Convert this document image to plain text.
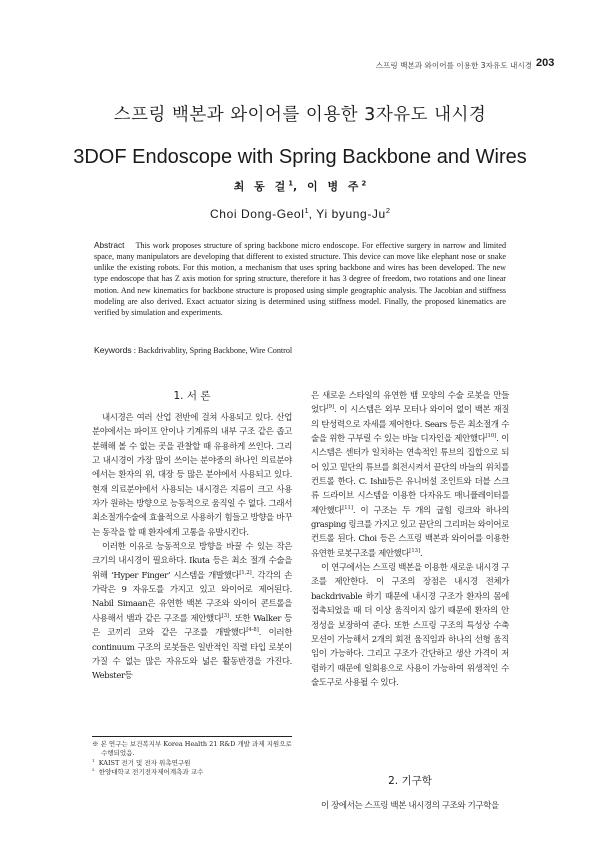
스프링 백본과 와이어를 이용한 3자유도 내시경 203
스프링 백본과 와이어를 이용한 3자유도 내시경
3DOF Endoscope with Spring Backbone and Wires
최 동 걸$^1$, 이 병 주$^2$
Choi Dong-Geol$^1$, Yi byung-Ju$^2$
Abstract This work proposes structure of spring backbone micro endoscope. For effective surgery in narrow and limited space, many manipulators are developing that different to existed structure. This device can move like elephant nose or snake unlike the existing robots. For this motion, a mechanism that uses spring backbone and wires has been developed. The new type endoscope that has Z axis motion for spring structure, therefore it has 3 degree of freedom, two rotations and one linear motion. And new kinematics for backbone structure is proposed using simple geographic analysis. The Jacobian and stiffness modeling are also derived. Exact actuator sizing is determined using stiffness model. Finally, the proposed kinematics are verified by simulation and experiments.
Keywords : Backdrivablity, Spring Backbone, Wire Control
1. 서 론

내시경은 여러 산업 전반에 걸쳐 사용되고 있다. 산업 분야에서는 파이프 안이나 기계류의 내부 구조 같은 좁고 분해해 볼 수 없는 곳을 관찰할 때 유용하게 쓰인다. 그리고 내시경이 가장 많이 쓰이는 분야중의 하나인 의료분야에서는 환자의 위, 대장 등 많은 분야에서 사용되고 있다. 현재 의료분야에서 사용되는 내시경은 지름이 크고 사용자가 원하는 방향으로 능동적으로 움직일 수 없다. 그래서 최소절개수술에 효율적으로 사용하기 힘들고 방향을 바꾸는 동작을 할 때 환자에게 고통을 유발시킨다.

이러한 이유로 능동적으로 방향을 바꿀 수 있는 작은 크기의 내시경이 필요하다. Ikuta 등은 최소 절개 수술을 위해 ‘Hyper Finger’ 시스템을 개발했다[1,2]. 각각의 손가락은 9 자유도를 가지고 있고 와이어로 제어된다. Nabil Simaan은 유연한 백본 구조와 와이어 콘트롤을 사용해서 뱀과 같은 구조를 제안했다[3]. 또한 Walker 등은 코끼리 코와 같은 구조를 개발했다[4-8]. 이러한 continuum 구조의 로봇들은 일반적인 직렬 타입 로봇이 가질 수 없는 많은 자유도와 넓은 활동반경을 가진다. Webster등

※ 본 연구는 보건복지부 Korea Health 21 R&D 개발 과제 지원으로 수행되었음.

$^1$ KAIST 전기 및 전자 위촉연구원

$^2$ 한양대학교 전기전자제어계측과 교수

은 새로운 스타일의 유연한 뱀 모양의 수술 로봇을 만들었다[9]. 이 시스템은 외부 모터나 와이어 없이 백본 재질의 탄성력으로 자세를 제어한다. Sears 등은 최소절개 수술을 위한 구부릴 수 있는 바늘 디자인을 제안했다[10]. 이 시스템은 센터가 일치하는 연속적인 튜브의 집합으로 되어 있고 밑단의 튜브를 회전시켜서 끝단의 바늘의 위치를 컨트롤 한다. C. Ishii등은 유니버설 조인트와 더블 스크류 드라이브 시스템을 이용한 다자유도 매니퓰레이터를 제안했다[11]. 이 구조는 두 개의 굽힘 링크와 하나의 grasping 링크를 가지고 있고 끝단의 그리퍼는 와이어로 컨트롤 된다. Choi 등은 스프링 백본과 와이어를 이용한 유연한 로봇구조를 제안했다[13].

이 연구에서는 스프링 백본을 이용한 새로운 내시경 구조를 제안한다. 이 구조의 장점은 내시경 전체가 backdrivable 하기 때문에 내시경 구조가 환자의 몸에 접촉되었을 때 더 이상 움직이지 않기 때문에 환자의 안정성을 보장하여 준다. 또한 스프링 구조의 특성상 수축모션이 가능해서 2개의 회전 움직임과 하나의 선형 움직임이 가능하다. 그리고 구조가 간단하고 생산 가격이 저렴하기 때문에 일회용으로 사용이 가능하여 위생적인 수술도구로 사용될 수 있다.

2. 기구학

이 장에서는 스프링 백본 내시경의 구조와 기구학을
